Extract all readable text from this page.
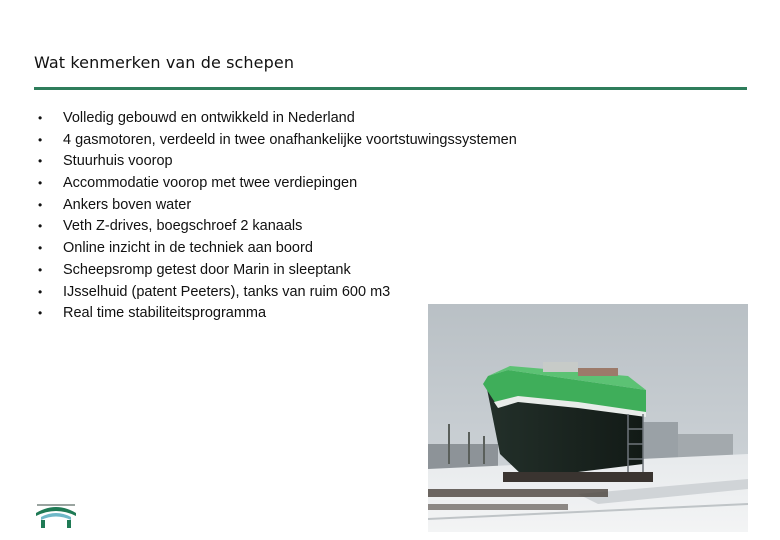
Wat kenmerken van de schepen
• Volledig gebouwd en ontwikkeld in Nederland
• 4 gasmotoren, verdeeld in twee onafhankelijke voortstuwingssystemen
• Stuurhuis voorop
• Accommodatie voorop met twee verdiepingen
• Ankers boven water
• Veth Z-drives, boegschroef 2 kanaals
• Online inzicht in de techniek aan boord
• Scheepsromp getest door Marin in sleeptank
• IJsselhuid (patent Peeters), tanks van ruim 600 m3
• Real time stabiliteitsprogramma
